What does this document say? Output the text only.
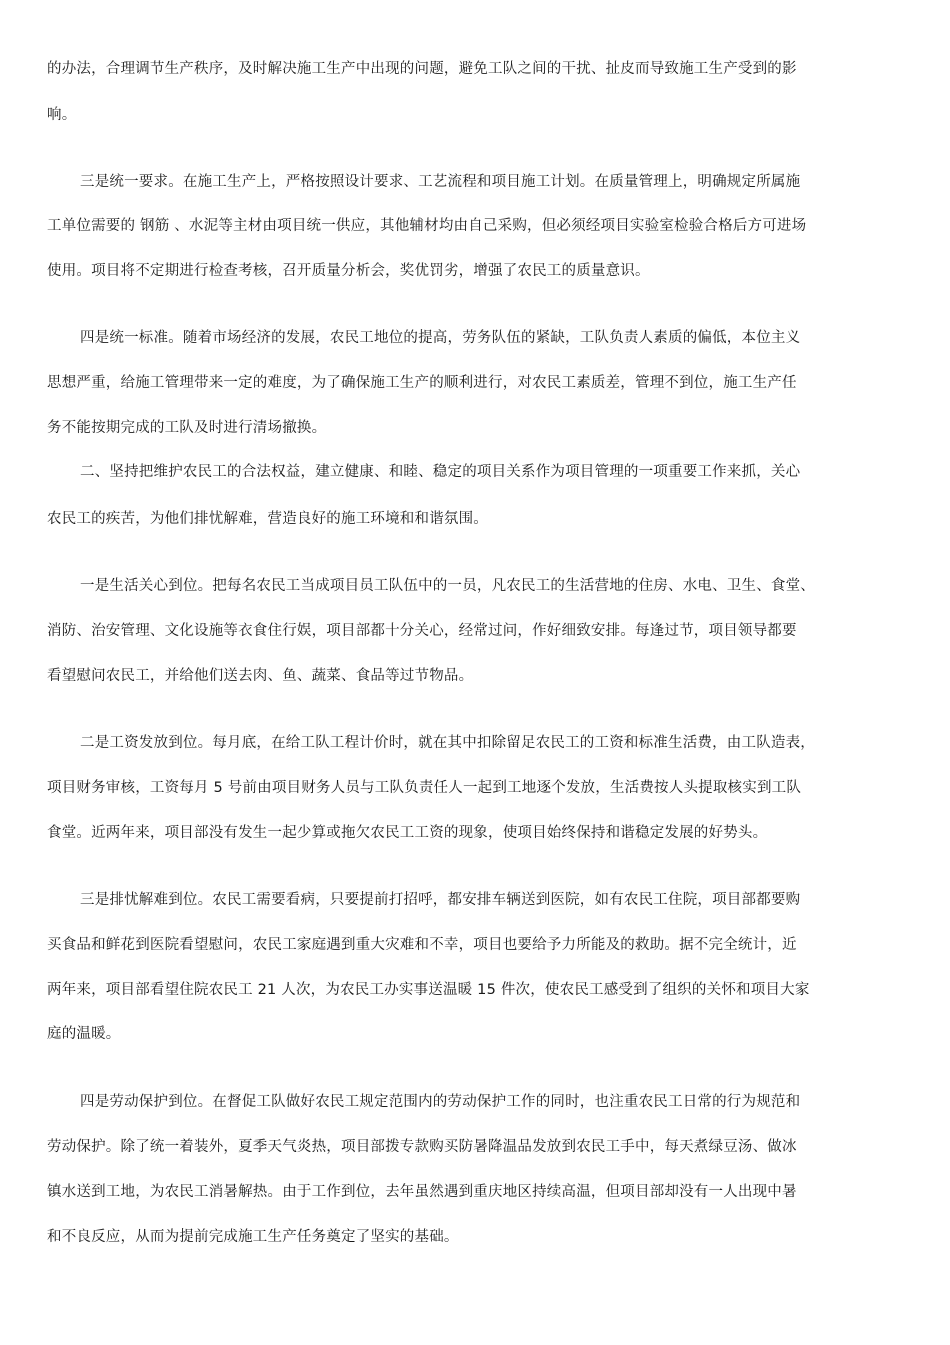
的办法，合理调节生产秩序，及时解决施工生产中出现的问题，避免工队之间的干扰、扯皮而导致施工生产受到的影
响。
三是统一要求。在施工生产上，严格按照设计要求、工艺流程和项目施工计划。在质量管理上，明确规定所属施
工单位需要的 钢筋 、水泥等主材由项目统一供应，其他辅材均由自己采购，但必须经项目实验室检验合格后方可进场
使用。项目将不定期进行检查考核，召开质量分析会，奖优罚劣，增强了农民工的质量意识。
四是统一标准。随着市场经济的发展，农民工地位的提高，劳务队伍的紧缺，工队负责人素质的偏低，本位主义
思想严重，给施工管理带来一定的难度，为了确保施工生产的顺利进行，对农民工素质差，管理不到位，施工生产任
务不能按期完成的工队及时进行清场撤换。
二、坚持把维护农民工的合法权益，建立健康、和睦、稳定的项目关系作为项目管理的一项重要工作来抓，关心
农民工的疾苦，为他们排忧解难，营造良好的施工环境和和谐氛围。
一是生活关心到位。把每名农民工当成项目员工队伍中的一员，凡农民工的生活营地的住房、水电、卫生、食堂、
消防、治安管理、文化设施等衣食住行娱，项目部都十分关心，经常过问，作好细致安排。每逢过节，项目领导都要
看望慰问农民工，并给他们送去肉、鱼、蔬菜、食品等过节物品。
二是工资发放到位。每月底，在给工队工程计价时，就在其中扣除留足农民工的工资和标准生活费，由工队造表，
项目财务审核，工资每月 5 号前由项目财务人员与工队负责任人一起到工地逐个发放，生活费按人头提取核实到工队
食堂。近两年来，项目部没有发生一起少算或拖欠农民工工资的现象，使项目始终保持和谐稳定发展的好势头。
三是排忧解难到位。农民工需要看病，只要提前打招呼，都安排车辆送到医院，如有农民工住院，项目部都要购
买食品和鲜花到医院看望慰问，农民工家庭遇到重大灾难和不幸，项目也要给予力所能及的救助。据不完全统计，近
两年来，项目部看望住院农民工 21 人次，为农民工办实事送温暖 15 件次，使农民工感受到了组织的关怀和项目大家
庭的温暖。
四是劳动保护到位。在督促工队做好农民工规定范围内的劳动保护工作的同时，也注重农民工日常的行为规范和
劳动保护。除了统一着装外，夏季天气炎热，项目部拨专款购买防暑降温品发放到农民工手中，每天煮绿豆汤、做冰
镇水送到工地，为农民工消暑解热。由于工作到位，去年虽然遇到重庆地区持续高温，但项目部却没有一人出现中暑
和不良反应，从而为提前完成施工生产任务奠定了坚实的基础。
